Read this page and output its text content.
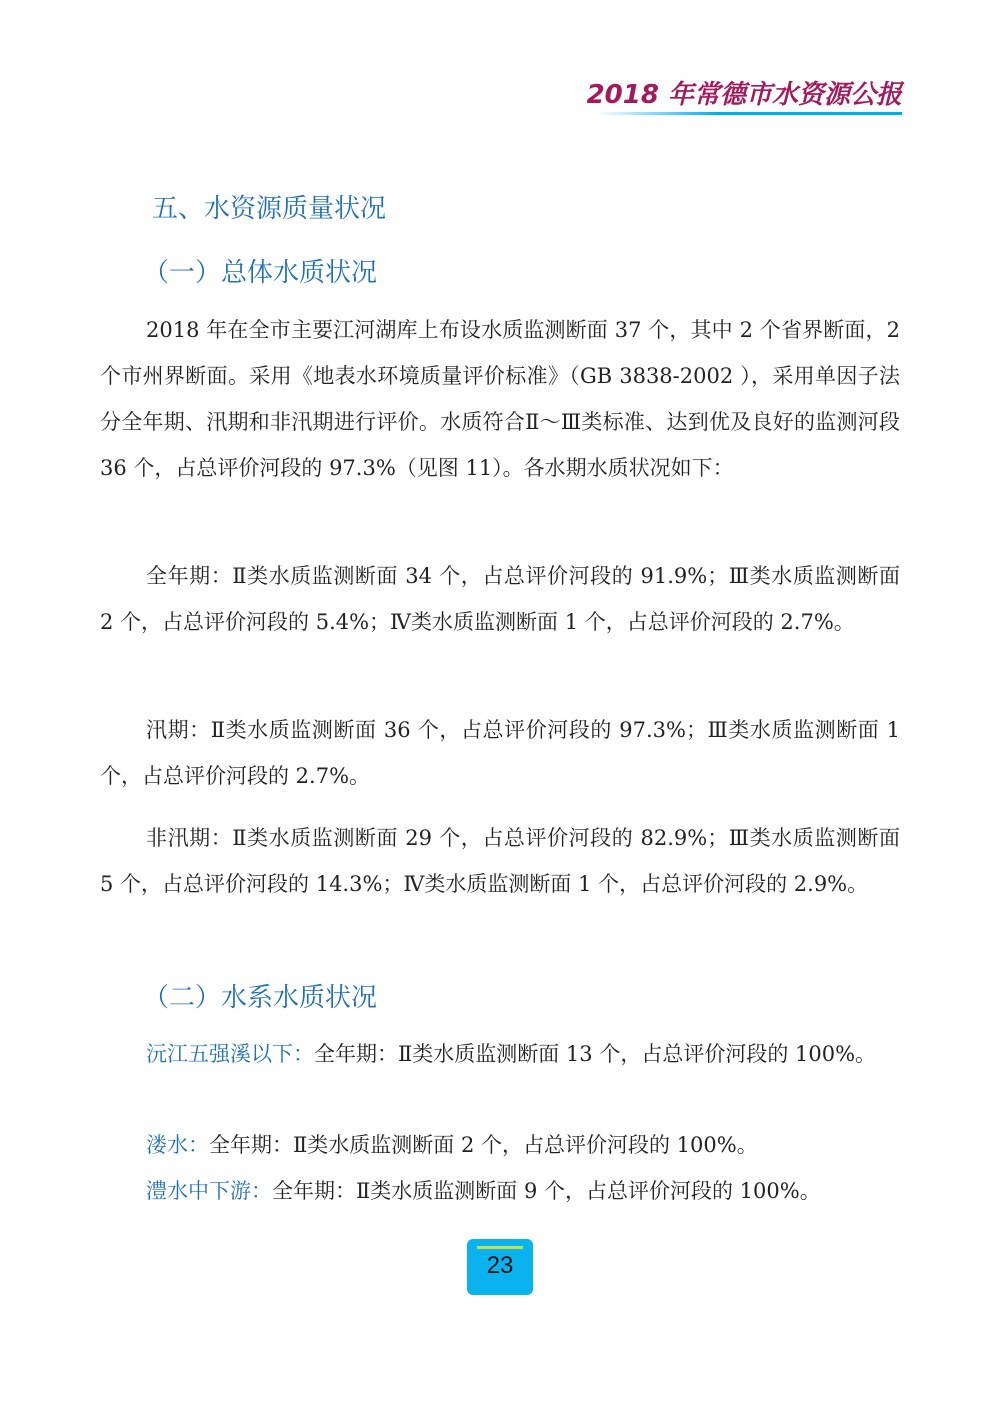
2018 年常德市水资源公报
五、水资源质量状况
（一）总体水质状况
2018 年在全市主要江河湖库上布设水质监测断面 37 个，其中 2 个省界断面，2 个市州界断面。采用《地表水环境质量评价标准》（GB 3838-2002 ），采用单因子法分全年期、汛期和非汛期进行评价。水质符合Ⅱ～Ⅲ类标准、达到优及良好的监测河段 36 个，占总评价河段的 97.3%（见图 11）。各水期水质状况如下：
全年期：Ⅱ类水质监测断面 34 个，占总评价河段的 91.9%；Ⅲ类水质监测断面 2 个，占总评价河段的 5.4%；Ⅳ类水质监测断面 1 个，占总评价河段的 2.7%。
汛期：Ⅱ类水质监测断面 36 个，占总评价河段的 97.3%；Ⅲ类水质监测断面 1 个，占总评价河段的 2.7%。
非汛期：Ⅱ类水质监测断面 29 个，占总评价河段的 82.9%；Ⅲ类水质监测断面 5 个，占总评价河段的 14.3%；Ⅳ类水质监测断面 1 个，占总评价河段的 2.9%。
（二）水系水质状况
沅江五强溪以下：全年期：Ⅱ类水质监测断面 13 个，占总评价河段的 100%。
溇水：全年期：Ⅱ类水质监测断面 2 个，占总评价河段的 100%。
澧水中下游：全年期：Ⅱ类水质监测断面 9 个，占总评价河段的 100%。
23
